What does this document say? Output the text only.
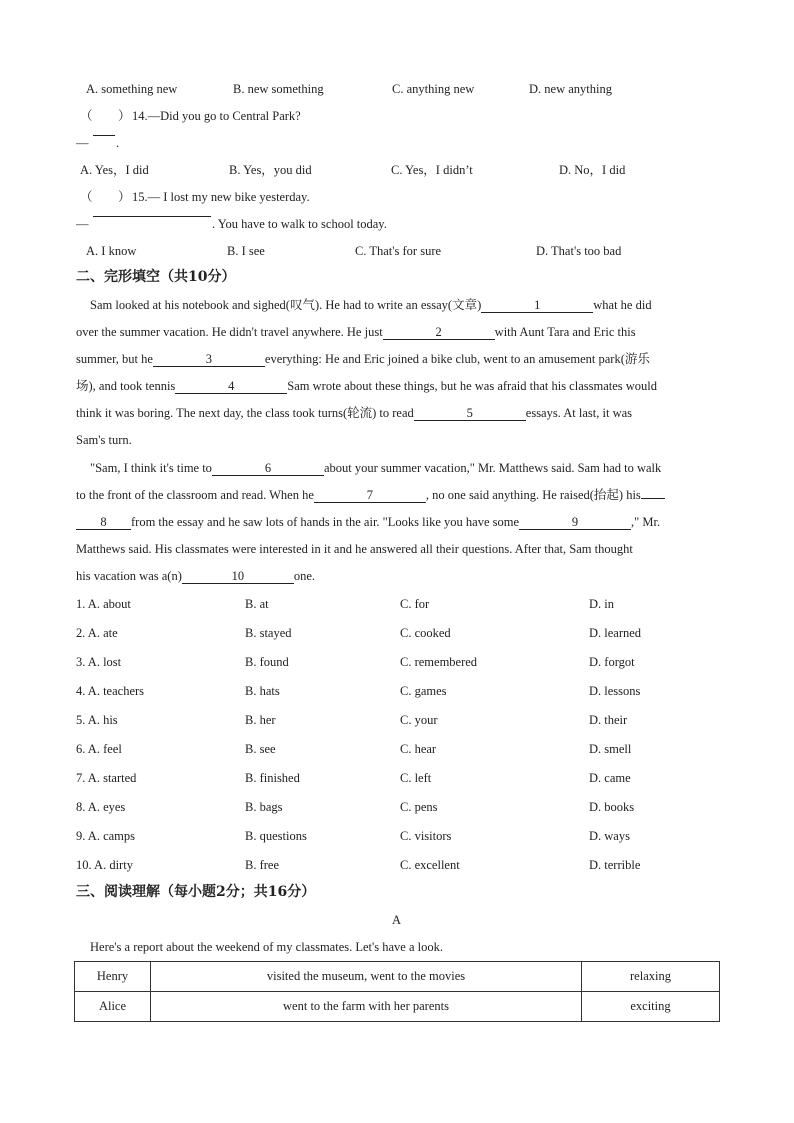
A. something new	B. new something	C. anything new	D. new anything
（ ） 14.—Did you go to Central Park?
— .
A. Yes，I did	B. Yes，you did	C. Yes，I didn’t	D. No，I did
（ ） 15.— I lost my new bike yesterday.
—	. You have to walk to school today.
A. I know	B. I see	C. That's for sure	D. That's too bad
二、完形填空（共10分）
Sam looked at his notebook and sighed(叹气). He had to write an essay(文章)	1	what he did
over the summer vacation. He didn't travel anywhere. He just	2	with Aunt Tara and Eric this
summer, but he	3	everything: He and Eric joined a bike club, went to an amusement park(游乐
场), and took tennis	4	Sam wrote about these things, but he was afraid that his classmates would
think it was boring. The next day, the class took turns(轮流) to read	5	essays. At last, it was
Sam's turn.
"Sam, I think it's time to	6	about your summer vacation," Mr. Matthews said. Sam had to walk
to the front of the classroom and read. When he	7	, no one said anything. He raised(抬起) his
8 from the essay and he saw lots of hands in the air. "Looks like you have some	9	," Mr.
Matthews said. His classmates were interested in it and he answered all their questions. After that, Sam thought
his vacation was a(n)	10	one.
1. A. about	B. at	C. for	D. in
2. A. ate	B. stayed	C. cooked	D. learned
3. A. lost	B. found	C. remembered	D. forgot
4. A. teachers	B. hats	C. games	D. lessons
5. A. his	B. her	C. your	D. their
6. A. feel	B. see	C. hear	D. smell
7. A. started	B. finished	C. left	D. came
8. A. eyes	B. bags	C. pens	D. books
9. A. camps	B. questions	C. visitors	D. ways
10. A. dirty	B. free	C. excellent	D. terrible
三、阅读理解（每小题2分；共16分）
A
Here's a report about the weekend of my classmates. Let's have a look.
Henry	visited the museum, went to the movies	relaxing
Alice	went to the farm with her parents	exciting
